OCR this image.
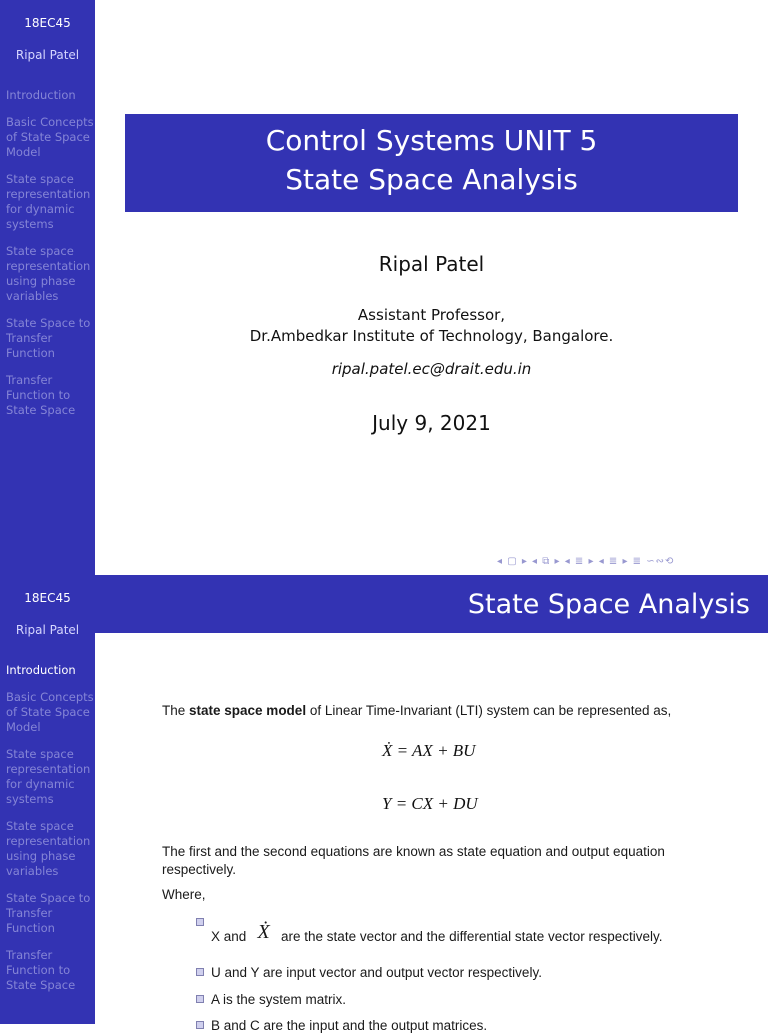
18EC45
Ripal Patel
Introduction
Basic Concepts of State Space Model
State space representation for dynamic systems
State space representation using phase variables
State Space to Transfer Function
Transfer Function to State Space
Control Systems UNIT 5
State Space Analysis
Ripal Patel
Assistant Professor,
Dr.Ambedkar Institute of Technology, Bangalore.
ripal.patel.ec@drait.edu.in
July 9, 2021
◂ ▢ ▸ ◂ ⧉ ▸ ◂ ≣ ▸ ◂ ≣ ▸ ≣ ∽∾⟲
18EC45
Ripal Patel
Introduction
Basic Concepts of State Space Model
State space representation for dynamic systems
State space representation using phase variables
State Space to Transfer Function
Transfer Function to State Space
State Space Analysis
The state space model of Linear Time-Invariant (LTI) system can be represented as,
Ẋ = AX + BU
Y = CX + DU
The first and the second equations are known as state equation and output equation
respectively.
Where,
X and Ẋ are the state vector and the differential state vector respectively.
U and Y are input vector and output vector respectively.
A is the system matrix.
B and C are the input and the output matrices.
